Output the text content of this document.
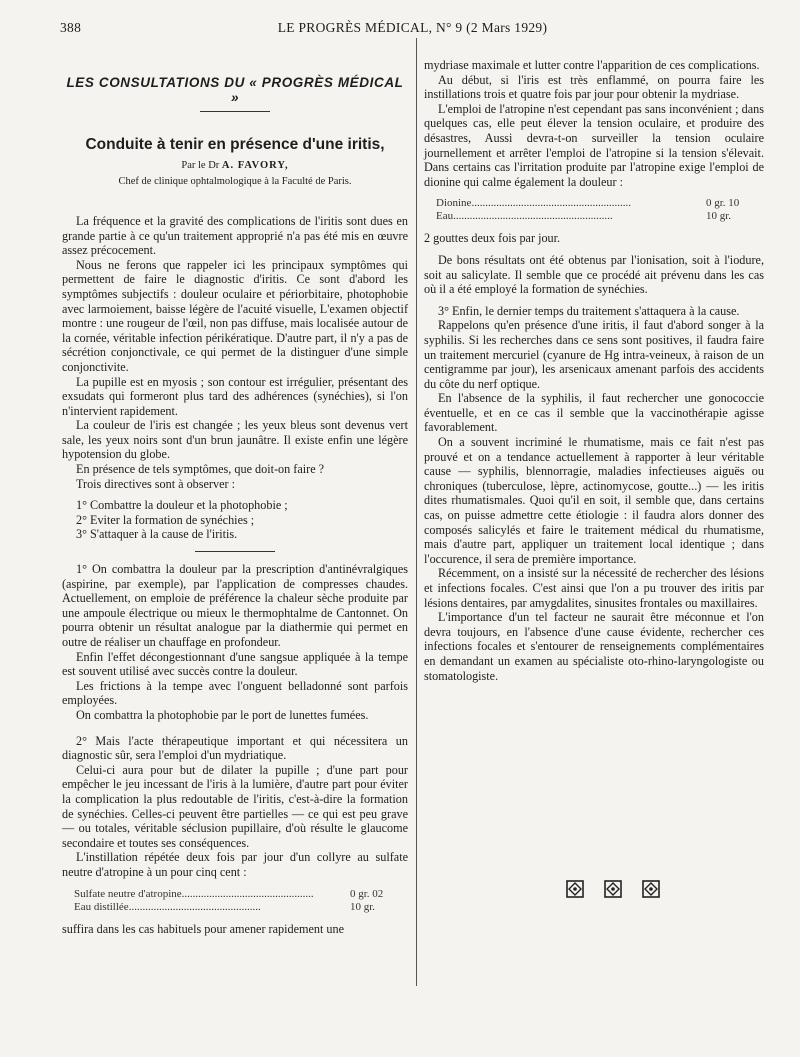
388	LE PROGRÈS MÉDICAL, N° 9 (2 Mars 1929)

LES CONSULTATIONS DU « PROGRÈS MÉDICAL »

Conduite à tenir en présence d'une iritis,
Par le Dr A. FAVORY,
Chef de clinique ophtalmologique à la Faculté de Paris.

La fréquence et la gravité des complications de l'iritis sont dues en grande partie à ce qu'un traitement approprié n'a pas été mis en œuvre assez précocement.

Nous ne ferons que rappeler ici les principaux symptômes qui permettent de faire le diagnostic d'iritis. Ce sont d'abord les symptômes subjectifs : douleur oculaire et périorbitaire, photophobie avec larmoiement, baisse légère de l'acuité visuelle, L'examen objectif montre : une rougeur de l'œil, non pas diffuse, mais localisée autour de la cornée, véritable infection périkératique. D'autre part, il n'y a pas de sécrétion conjonctivale, ce qui permet de la distinguer d'une simple conjonctivite.

La pupille est en myosis ; son contour est irrégulier, présentant des exsudats qui formeront plus tard des adhérences (synéchies), si l'on n'intervient rapidement.

La couleur de l'iris est changée ; les yeux bleus sont devenus vert sale, les yeux noirs sont d'un brun jaunâtre. Il existe enfin une légère hypotension du globe.

En présence de tels symptômes, que doit-on faire ?

Trois directives sont à observer :

1° Combattre la douleur et la photophobie ;

2° Eviter la formation de synéchies ;

3° S'attaquer à la cause de l'iritis.

1° On combattra la douleur par la prescription d'antinévralgiques (aspirine, par exemple), par l'application de compresses chaudes. Actuellement, on emploie de préférence la chaleur sèche produite par une ampoule électrique ou mieux le thermophtalme de Cantonnet. On pourra obtenir un résultat analogue par la diathermie qui permet en outre de réaliser un chauffage en profondeur.

Enfin l'effet décongestionnant d'une sangsue appliquée à la tempe est souvent utilisé avec succès contre la douleur.

Les frictions à la tempe avec l'onguent belladonné sont parfois employées.

On combattra la photophobie par le port de lunettes fumées.

2° Mais l'acte thérapeutique important et qui nécessitera un diagnostic sûr, sera l'emploi d'un mydriatique.

Celui-ci aura pour but de dilater la pupille ; d'une part pour empêcher le jeu incessant de l'iris à la lumière, d'autre part pour éviter la complication la plus redoutable de l'iritis, c'est-à-dire la formation de synéchies. Celles-ci peuvent être partielles — ce qui est peu grave — ou totales, véritable séclusion pupillaire, d'où résulte le glaucome secondaire et toutes ses conséquences.

L'instillation répétée deux fois par jour d'un collyre au sulfate neutre d'atropine à un pour cinq cent :

Sulfate neutre d'atropine................................................	0 gr. 02
Eau distillée................................................	10 gr.

suffira dans les cas habituels pour amener rapidement une

mydriase maximale et lutter contre l'apparition de ces complications.

Au début, si l'iris est très enflammé, on pourra faire les instillations trois et quatre fois par jour pour obtenir la mydriase.

L'emploi de l'atropine n'est cependant pas sans inconvénient ; dans quelques cas, elle peut élever la tension oculaire, et produire des désastres, Aussi devra-t-on surveiller la tension oculaire journellement et arrêter l'emploi de l'atropine si la tension s'élevait. Dans certains cas l'irritation produite par l'atropine exige l'emploi de dionine qui calme également la douleur :

Dionine..........................................................	0 gr. 10
Eau..........................................................	10 gr.

2 gouttes deux fois par jour.

De bons résultats ont été obtenus par l'ionisation, soit à l'iodure, soit au salicylate. Il semble que ce procédé ait prévenu dans les cas où il a été employé la formation de synéchies.

3° Enfin, le dernier temps du traitement s'attaquera à la cause.

Rappelons qu'en présence d'une iritis, il faut d'abord songer à la syphilis. Si les recherches dans ce sens sont positives, il faudra faire un traitement mercuriel (cyanure de Hg intra-veineux, à raison de un centigramme par jour), les arsenicaux amenant parfois des accidents du côte du nerf optique.

En l'absence de la syphilis, il faut rechercher une gonococcie éventuelle, et en ce cas il semble que la vaccinothérapie agisse favorablement.

On a souvent incriminé le rhumatisme, mais ce fait n'est pas prouvé et on a tendance actuellement à rapporter à leur véritable cause — syphilis, blennorragie, maladies infectieuses aiguës ou chroniques (tuberculose, lèpre, actinomycose, goutte...) — les iritis dites rhumatismales. Quoi qu'il en soit, il semble que, dans certains cas, on puisse admettre cette étiologie : il faudra alors donner des composés salicylés et faire le traitement médical du rhumatisme, mais d'autre part, appliquer un traitement local identique ; dans l'occurence, il sera de première importance.

Récemment, on a insisté sur la nécessité de rechercher des lésions et infections focales. C'est ainsi que l'on a pu trouver des iritis par lésions dentaires, par amygdalites, sinusites frontales ou maxillaires.

L'importance d'un tel facteur ne saurait être méconnue et l'on devra toujours, en l'absence d'une cause évidente, rechercher ces infections focales et s'entourer de renseignements complémentaires en demandant un examen au spécialiste oto-rhino-laryngologiste ou stomatologiste.
